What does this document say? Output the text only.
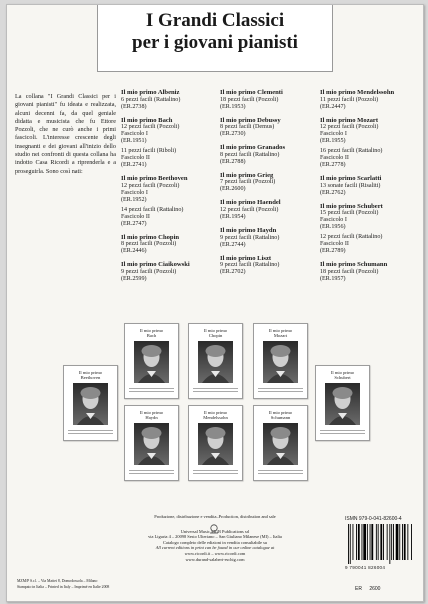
I Grandi Classici
per i giovani pianisti
La collana "I Grandi Classici per i giovani pianisti" fu ideata e realizzata, alcuni decenni fa, da quel geniale didatta e musicista che fu Ettore Pozzoli, che ne curò anche i primi fascicoli. L'interesse crescente degli insegnanti e dei giovani all'inizio dello studio nei confronti di questa collana ha indotto Casa Ricordi a riprenderla e a proseguirla. Sono così nati:
Il mio primo Albeniz
6 pezzi facili (Rattalino)
(ER.2738)
Il mio primo Bach
12 pezzi facili (Pozzoli)
Fascicolo I
(ER.1951)
11 pezzi facili (Riboli)
Fascicolo II
(ER.2741)
Il mio primo Beethoven
12 pezzi facili (Pozzoli)
Fascicolo I
(ER.1952)
14 pezzi facili (Rattalino)
Fascicolo II
(ER.2747)
Il mio primo Chopin
8 pezzi facili (Pozzoli)
(ER.2446)
Il mio primo Ciaikowski
9 pezzi facili (Pozzoli)
(ER.2599)
Il mio primo Clementi
18 pezzi facili (Pozzoli)
(ER.1953)
Il mio primo Debussy
8 pezzi facili (Demus)
(ER.2730)
Il mio primo Granados
8 pezzi facili (Rattalino)
(ER.2788)
Il mio primo Grieg
7 pezzi facili (Pozzoli)
(ER.2600)
Il mio primo Haendel
12 pezzi facili (Pozzoli)
(ER.1954)
Il mio primo Haydn
9 pezzi facili (Rattalino)
(ER.2744)
Il mio primo Liszt
9 pezzi facili (Rattalino)
(ER.2702)
Il mio primo Mendelssohn
11 pezzi facili (Pozzoli)
(ER.2447)
Il mio primo Mozart
12 pezzi facili (Pozzoli)
Fascicolo I
(ER.1955)
16 pezzi facili (Rattalino)
Fascicolo II
(ER.2778)
Il mio primo Scarlatti
13 sonate facili (Risaliti)
(ER.2762)
Il mio primo Schubert
15 pezzi facili (Pozzoli)
Fascicolo I
(ER.1956)
12 pezzi facili (Rattalino)
Fascicolo II
(ER.2789)
Il mio primo Schumann
18 pezzi facili (Pozzoli)
(ER.1957)
Il mio primo
Beethoven
Il mio primo
Bach
Il mio primo
Chopin
Il mio primo
Mozart
Il mio primo
Haydn
Il mio primo
Mendelssohn
Il mio primo
Schumann
Il mio primo
Schubert
Produzione, distribuzione e vendita–Production, distribution and sale
Universal Music MGB Publications srl
via Liguria 4 – 20098 Sesto Ulteriano – San Giuliano Milanese (MI) – Italia
Catalogo completo delle edizioni in vendita consultabile su
All current editions in print can be found in our online catalogue at
www.ricordi.it – www.ricordi.com
www.durand-salabert-eschig.com
MZM/P S.r.l. – Via Mattei 8, Domodossola – Milano
Stampato in Italia – Printed in Italy – Imprimé en Italie 2008
ISMN 979-0-041-82600-4
9 790041 826004
ER 2600
